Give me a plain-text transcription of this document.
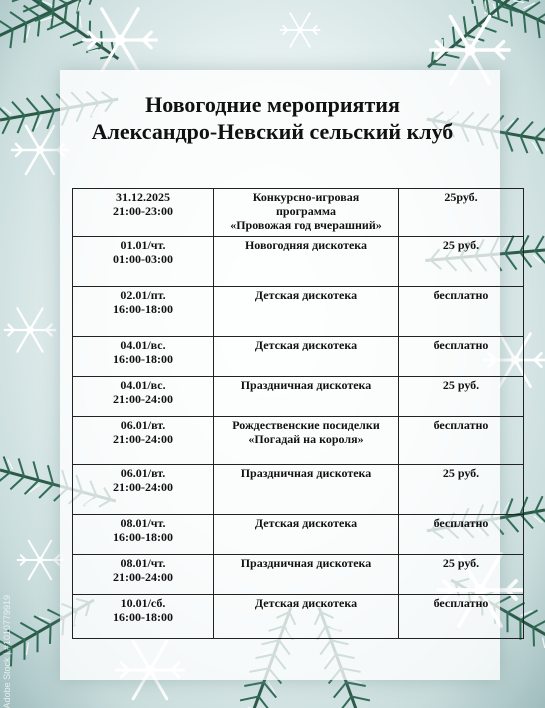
Новогодние мероприятия
Александро-Невский сельский клуб
31.12.2025
21:00-23:00	Конкурсно-игровая
программа
«Провожая год вчерашний»	25руб.

01.01/чт.
01:00-03:00	Новогодняя дискотека	25 руб.

02.01/пт.
16:00-18:00	Детская дискотека	бесплатно

04.01/вс.
16:00-18:00	Детская дискотека	бесплатно

04.01/вс.
21:00-24:00	Праздничная дискотека	25 руб.

06.01/вт.
21:00-24:00	Рождественские посиделки
«Погадай на короля»	бесплатно

06.01/вт.
21:00-24:00	Праздничная дискотека	25 руб.

08.01/чт.
16:00-18:00	Детская дискотека	бесплатно

08.01/чт.
21:00-24:00	Праздничная дискотека	25 руб.

10.01/сб.
16:00-18:00	Детская дискотека	бесплатно
Adobe Stock | #1010779919
